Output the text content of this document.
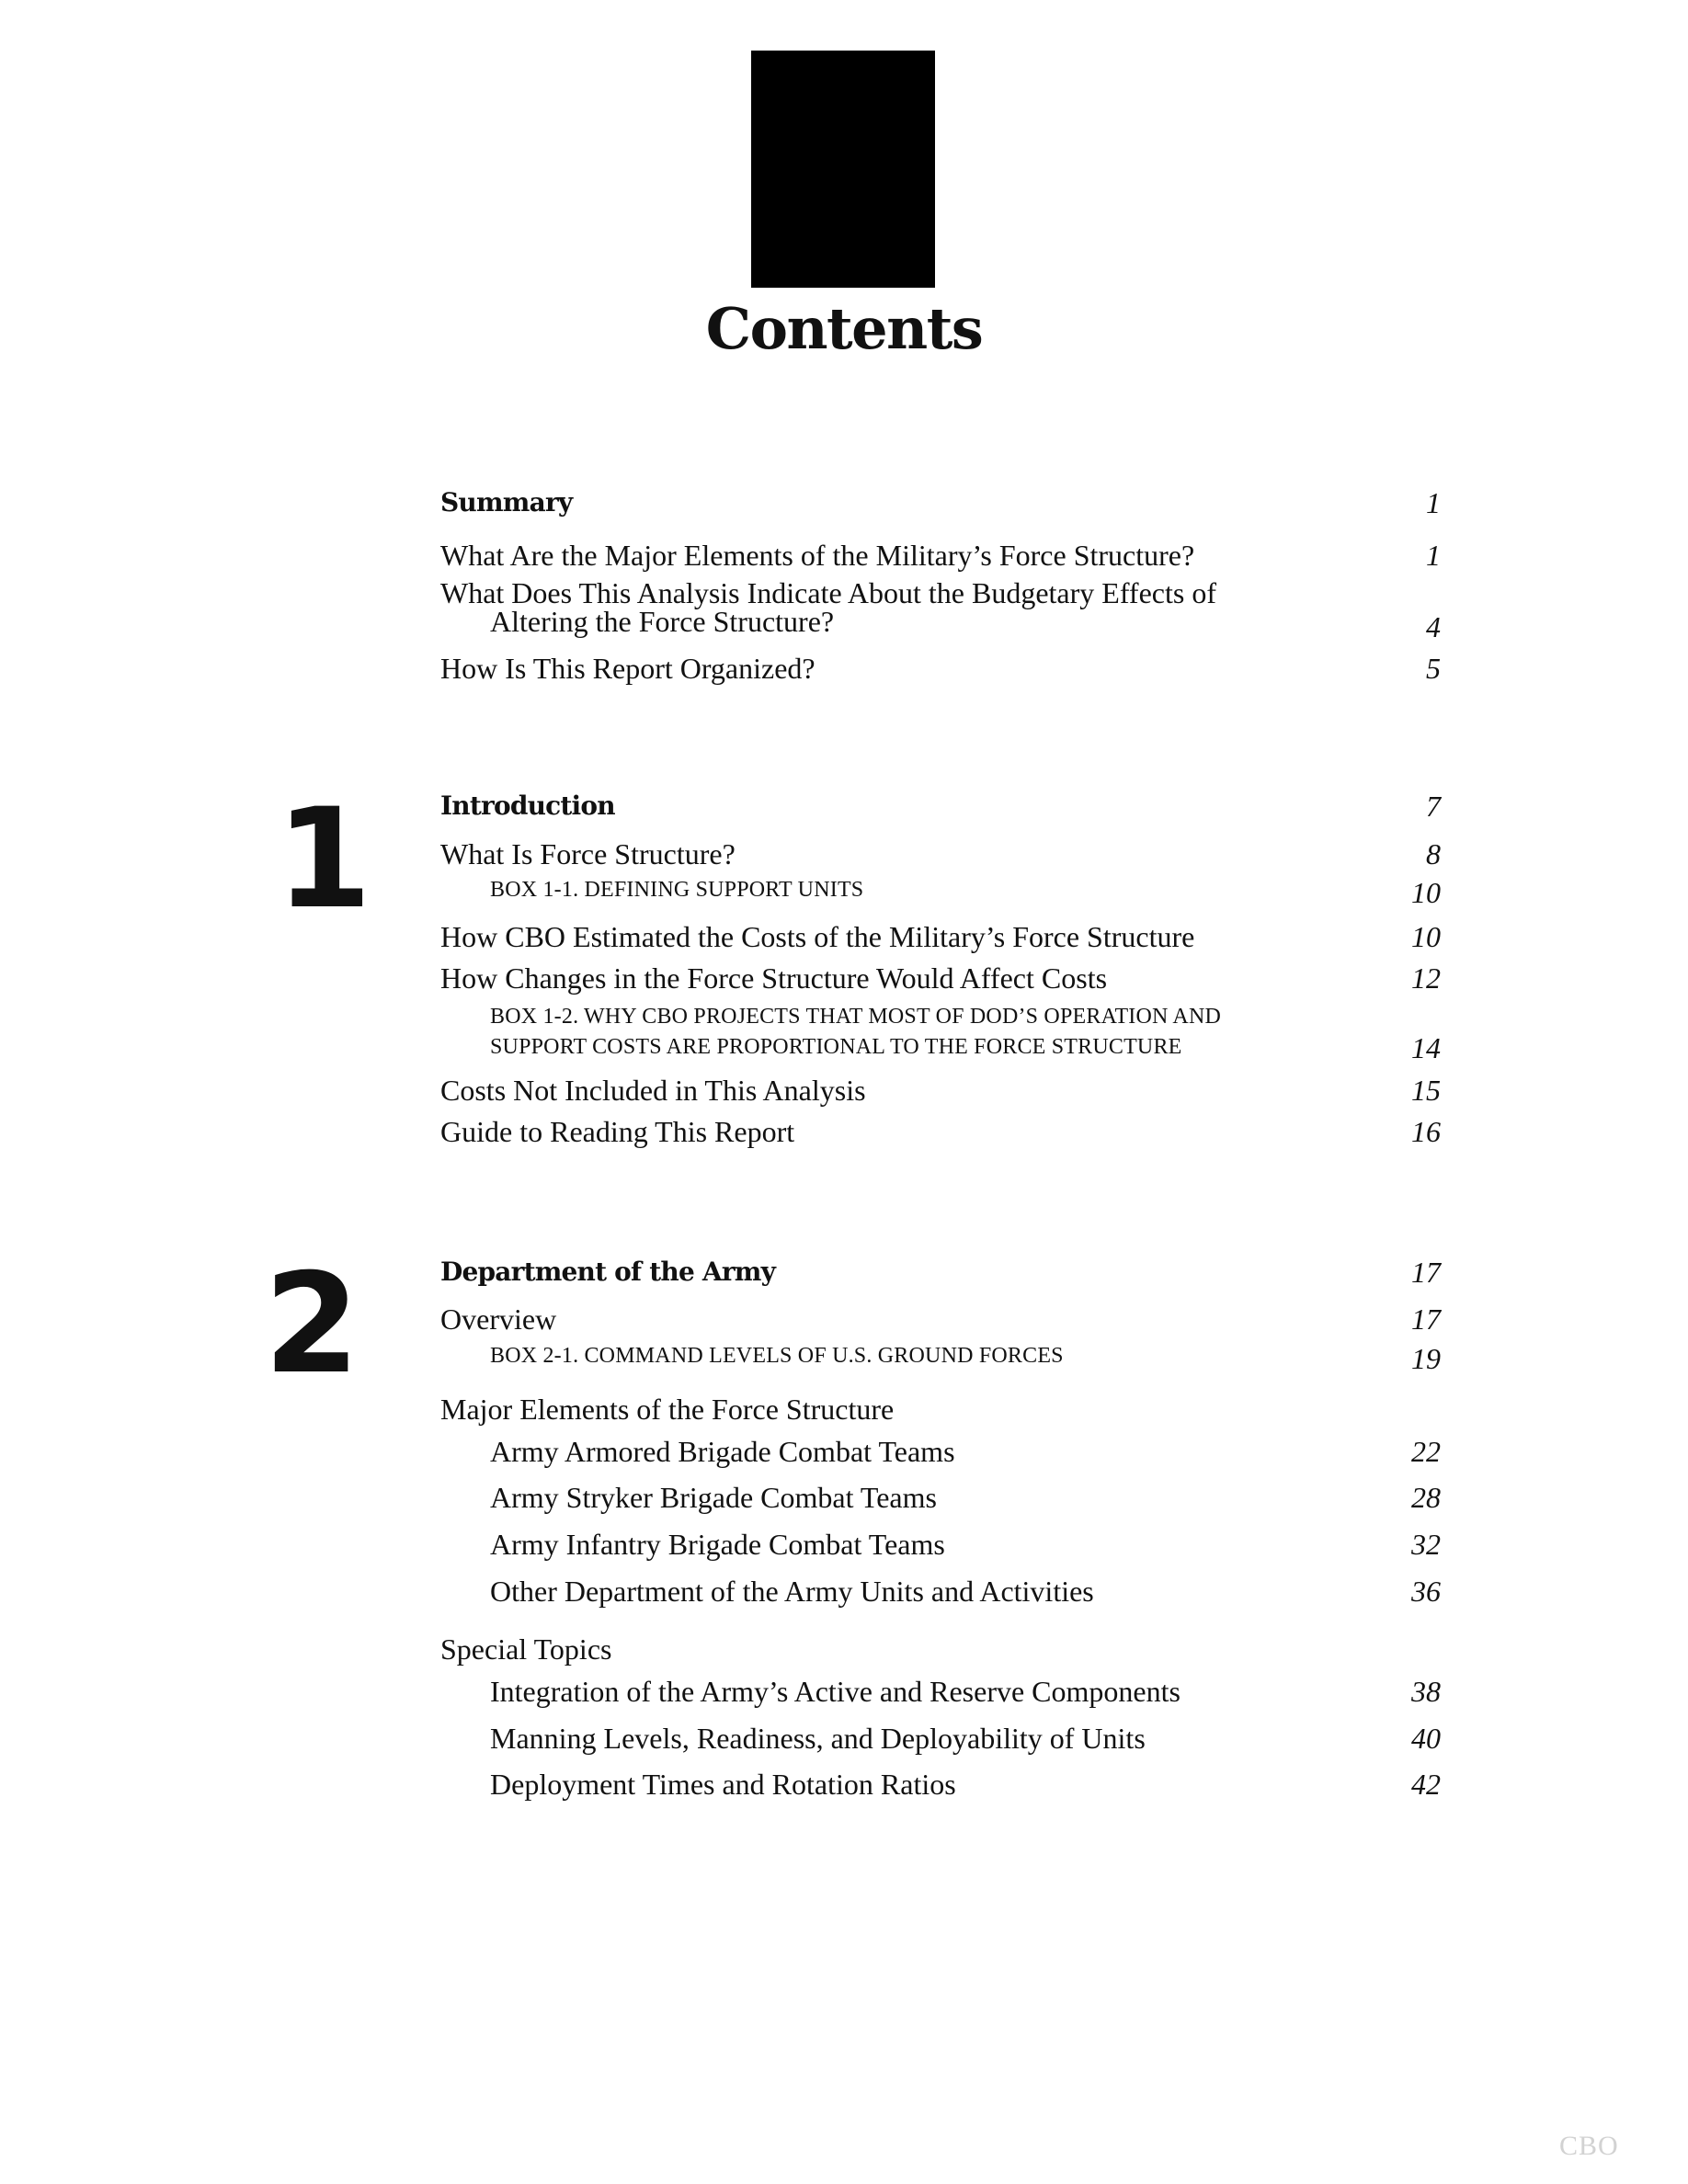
Contents
Summary	1
What Are the Major Elements of the Military’s Force Structure?	1
What Does This Analysis Indicate About the Budgetary Effects of
Altering the Force Structure?	4
How Is This Report Organized?	5
1	Introduction	7
What Is Force Structure?	8
BOX 1-1. DEFINING SUPPORT UNITS	10
How CBO Estimated the Costs of the Military’s Force Structure	10
How Changes in the Force Structure Would Affect Costs	12
BOX 1-2. WHY CBO PROJECTS THAT MOST OF DOD’S OPERATION AND
SUPPORT COSTS ARE PROPORTIONAL TO THE FORCE STRUCTURE	14
Costs Not Included in This Analysis	15
Guide to Reading This Report	16
2	Department of the Army	17
Overview	17
BOX 2-1. COMMAND LEVELS OF U.S. GROUND FORCES	19
Major Elements of the Force Structure
Army Armored Brigade Combat Teams	22
Army Stryker Brigade Combat Teams	28
Army Infantry Brigade Combat Teams	32
Other Department of the Army Units and Activities	36
Special Topics
Integration of the Army’s Active and Reserve Components	38
Manning Levels, Readiness, and Deployability of Units	40
Deployment Times and Rotation Ratios	42
CBO
